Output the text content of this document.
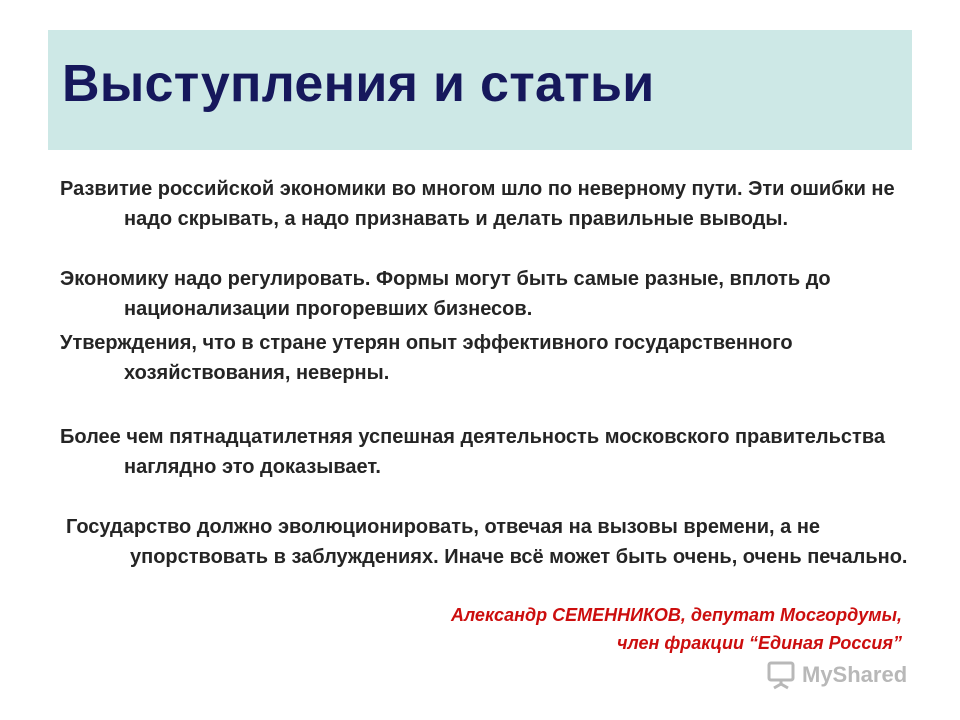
Выступления и статьи
Развитие российской экономики во многом шло по неверному пути. Эти ошибки не надо скрывать, а надо признавать и делать правильные выводы.
Экономику надо регулировать. Формы могут быть самые разные, вплоть до национализации прогоревших бизнесов.
Утверждения, что в стране утерян опыт эффективного государственного хозяйствования, неверны.
Более чем пятнадцатилетняя успешная деятельность московского правительства наглядно это доказывает.
Государство должно эволюционировать, отвечая на вызовы времени, а не упорствовать в заблуждениях. Иначе всё может быть очень, очень печально.
Александр СЕМЕННИКОВ, депутат Мосгордумы,
член фракции “Единая Россия”
MyShared
